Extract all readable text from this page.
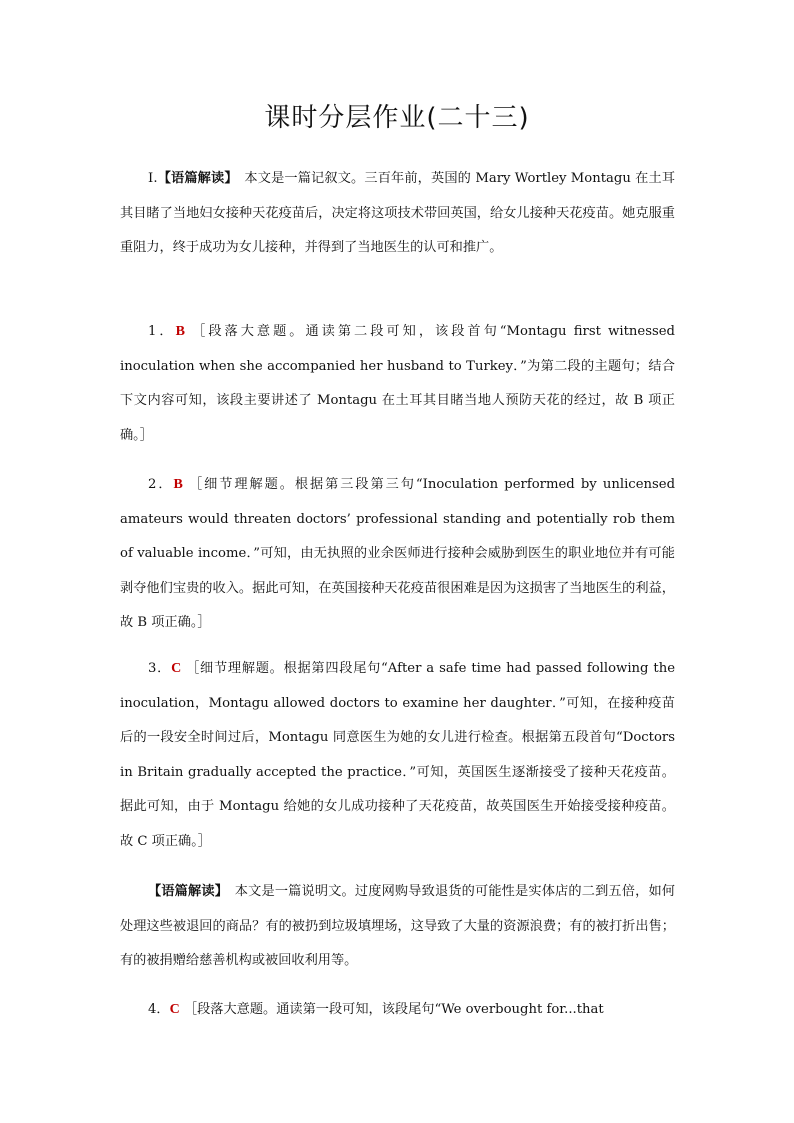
课时分层作业(二十三)
Ⅰ.【语篇解读】　本文是一篇记叙文。三百年前，英国的 Mary Wortley Montagu 在土耳其目睹了当地妇女接种天花疫苗后，决定将这项技术带回英国，给女儿接种天花疫苗。她克服重重阻力，终于成功为女儿接种，并得到了当地医生的认可和推广。
1．B ［段落大意题。通读第二段可知，该段首句“Montagu first witnessed inoculation when she accompanied her husband to Turkey．”为第二段的主题句；结合下文内容可知，该段主要讲述了 Montagu 在土耳其目睹当地人预防天花的经过，故 B 项正确。］
2．B ［细节理解题。根据第三段第三句“Inoculation performed by unlicensed amateurs would threaten doctors’ professional standing and potentially rob them of valuable income．”可知，由无执照的业余医师进行接种会威胁到医生的职业地位并有可能剥夺他们宝贵的收入。据此可知，在英国接种天花疫苗很困难是因为这损害了当地医生的利益，故 B 项正确。］
3．C ［细节理解题。根据第四段尾句“After a safe time had passed following the inoculation，Montagu allowed doctors to examine her daughter．”可知，在接种疫苗后的一段安全时间过后，Montagu 同意医生为她的女儿进行检查。根据第五段首句“Doctors in Britain gradually accepted the practice．”可知，英国医生逐渐接受了接种天花疫苗。据此可知，由于 Montagu 给她的女儿成功接种了天花疫苗，故英国医生开始接受接种疫苗。故 C 项正确。］
【语篇解读】　本文是一篇说明文。过度网购导致退货的可能性是实体店的二到五倍，如何处理这些被退回的商品？有的被扔到垃圾填埋场，这导致了大量的资源浪费；有的被打折出售；有的被捐赠给慈善机构或被回收利用等。
4．C ［段落大意题。通读第一段可知，该段尾句“We overbought for...that
